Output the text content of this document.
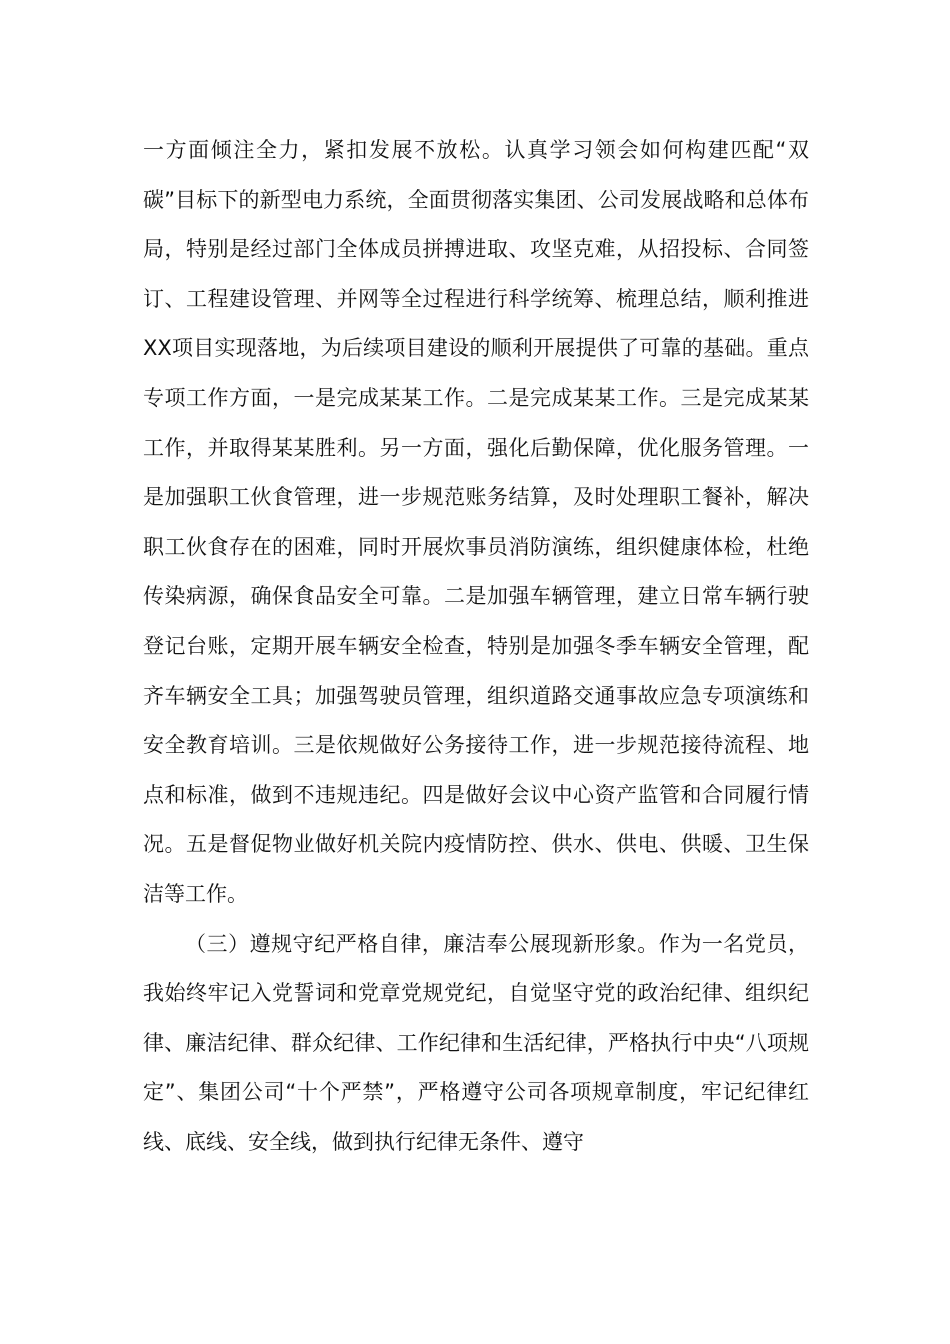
一方面倾注全力，紧扣发展不放松。认真学习领会如何构建匹配“双碳”目标下的新型电力系统，全面贯彻落实集团、公司发展战略和总体布局，特别是经过部门全体成员拼搏进取、攻坚克难，从招投标、合同签订、工程建设管理、并网等全过程进行科学统筹、梳理总结，顺利推进XX项目实现落地，为后续项目建设的顺利开展提供了可靠的基础。重点专项工作方面，一是完成某某工作。二是完成某某工作。三是完成某某工作，并取得某某胜利。另一方面，强化后勤保障，优化服务管理。一是加强职工伙食管理，进一步规范账务结算，及时处理职工餐补，解决职工伙食存在的困难，同时开展炊事员消防演练，组织健康体检，杜绝传染病源，确保食品安全可靠。二是加强车辆管理，建立日常车辆行驶登记台账，定期开展车辆安全检查，特别是加强冬季车辆安全管理，配齐车辆安全工具；加强驾驶员管理，组织道路交通事故应急专项演练和安全教育培训。三是依规做好公务接待工作，进一步规范接待流程、地点和标准，做到不违规违纪。四是做好会议中心资产监管和合同履行情况。五是督促物业做好机关院内疫情防控、供水、供电、供暖、卫生保洁等工作。

（三）遵规守纪严格自律，廉洁奉公展现新形象。作为一名党员，我始终牢记入党誓词和党章党规党纪，自觉坚守党的政治纪律、组织纪律、廉洁纪律、群众纪律、工作纪律和生活纪律，严格执行中央“八项规定”、集团公司“十个严禁”，严格遵守公司各项规章制度，牢记纪律红线、底线、安全线，做到执行纪律无条件、遵守
